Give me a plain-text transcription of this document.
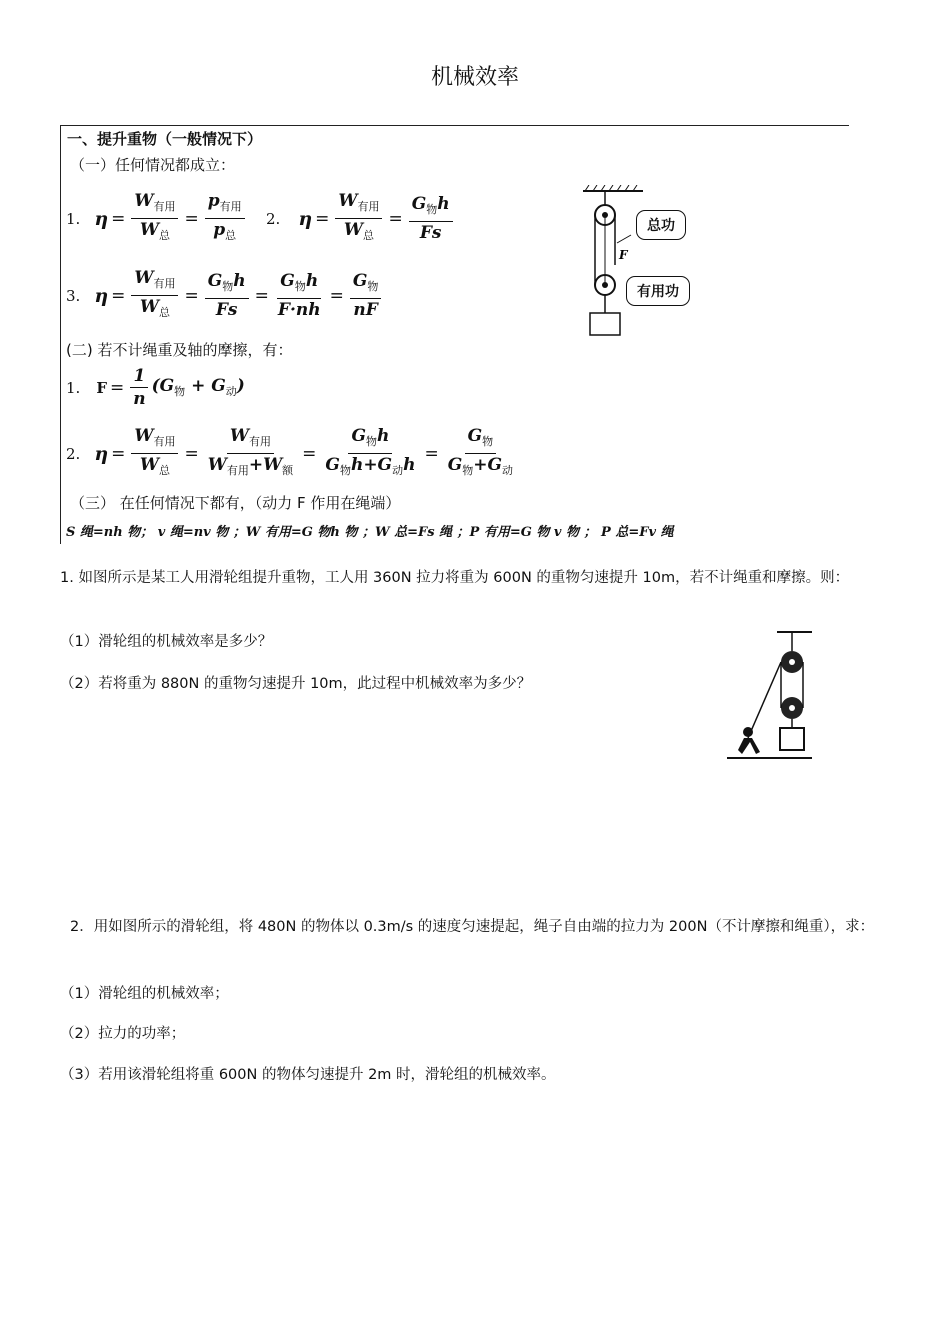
机械效率
一、提升重物（一般情况下）
（一）任何情况都成立：
1. $\eta = \frac{W_{有用}}{W_总} = \frac{p_{有用}}{p_总} 2$. $\eta = \frac{W_{有用}}{W_总} = \frac{G_物h}{Fs}$
3. $\eta = \frac{W_{有用}}{W_总} = \frac{G_物h}{Fs} = \frac{G_物h}{F\cdot nh} = \frac{G_物}{nF}$
(二) 若不计绳重及轴的摩擦，有：
1. $F = \frac{1}{n} (G_物 + G_动)$
2. $\eta = \frac{W_{有用}}{W_总} = \frac{W_{有用}}{W_{有用}+W_额} = \frac{G_物h}{G_物h+G_动h} = \frac{G_物}{G_物+G_动}$
（三） 在任何情况下都有，（动力 F 作用在绳端）
S 绳=nh 物； v 绳=nv 物 ；W 有用=G 物h 物 ；W 总=Fs 绳 ；P 有用=G 物 v 物 ； P 总=Fv 绳
F
总功
有用功
1. 如图所示是某工人用滑轮组提升重物，工人用 360N 拉力将重为 600N 的重物匀速提升 10m，若不计绳重和摩擦。则：
（1）滑轮组的机械效率是多少？
（2）若将重为 880N 的重物匀速提升 10m，此过程中机械效率为多少？
2．用如图所示的滑轮组，将 480N 的物体以 0.3m/s 的速度匀速提起，绳子自由端的拉力为 200N（不计摩擦和绳重），求：
（1）滑轮组的机械效率；
（2）拉力的功率；
（3）若用该滑轮组将重 600N 的物体匀速提升 2m 时，滑轮组的机械效率。
